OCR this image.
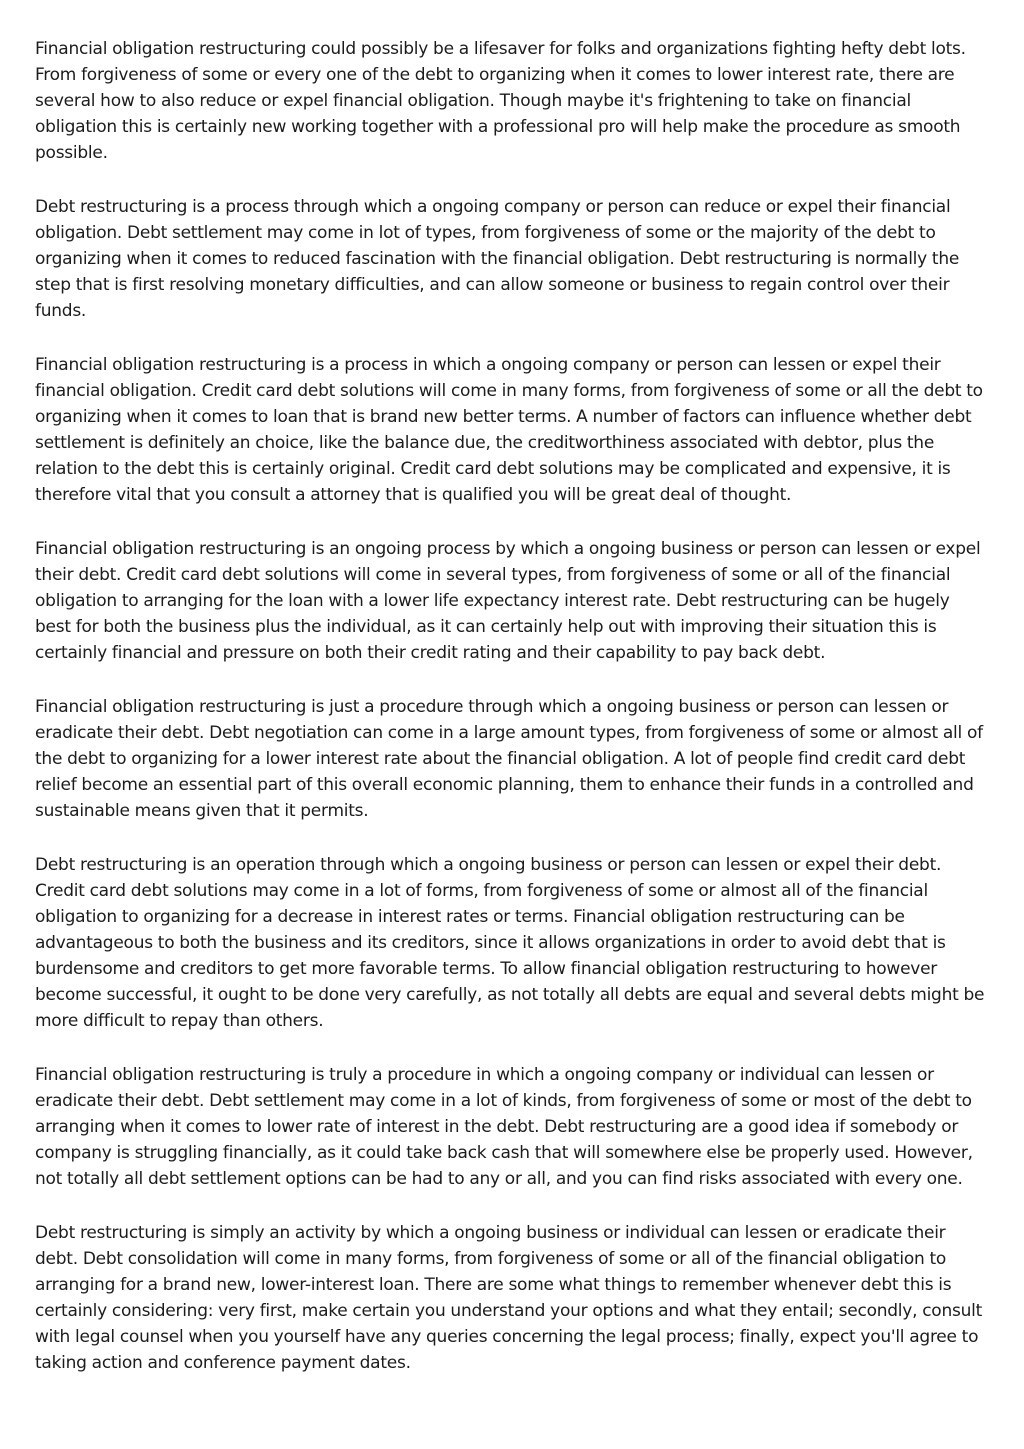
Financial obligation restructuring could possibly be a lifesaver for folks and organizations fighting hefty debt lots. From forgiveness of some or every one of the debt to organizing when it comes to lower interest rate, there are several how to also reduce or expel financial obligation. Though maybe it's frightening to take on financial obligation this is certainly new working together with a professional pro will help make the procedure as smooth possible.

Debt restructuring is a process through which a ongoing company or person can reduce or expel their financial obligation. Debt settlement may come in lot of types, from forgiveness of some or the majority of the debt to organizing when it comes to reduced fascination with the financial obligation. Debt restructuring is normally the step that is first resolving monetary difficulties, and can allow someone or business to regain control over their funds.

Financial obligation restructuring is a process in which a ongoing company or person can lessen or expel their financial obligation. Credit card debt solutions will come in many forms, from forgiveness of some or all the debt to organizing when it comes to loan that is brand new better terms. A number of factors can influence whether debt settlement is definitely an choice, like the balance due, the creditworthiness associated with debtor, plus the relation to the debt this is certainly original. Credit card debt solutions may be complicated and expensive, it is therefore vital that you consult a attorney that is qualified you will be great deal of thought.

Financial obligation restructuring is an ongoing process by which a ongoing business or person can lessen or expel their debt. Credit card debt solutions will come in several types, from forgiveness of some or all of the financial obligation to arranging for the loan with a lower life expectancy interest rate. Debt restructuring can be hugely best for both the business plus the individual, as it can certainly help out with improving their situation this is certainly financial and pressure on both their credit rating and their capability to pay back debt.

Financial obligation restructuring is just a procedure through which a ongoing business or person can lessen or eradicate their debt. Debt negotiation can come in a large amount types, from forgiveness of some or almost all of the debt to organizing for a lower interest rate about the financial obligation. A lot of people find credit card debt relief become an essential part of this overall economic planning, them to enhance their funds in a controlled and sustainable means given that it permits.

Debt restructuring is an operation through which a ongoing business or person can lessen or expel their debt. Credit card debt solutions may come in a lot of forms, from forgiveness of some or almost all of the financial obligation to organizing for a decrease in interest rates or terms. Financial obligation restructuring can be advantageous to both the business and its creditors, since it allows organizations in order to avoid debt that is burdensome and creditors to get more favorable terms. To allow financial obligation restructuring to however become successful, it ought to be done very carefully, as not totally all debts are equal and several debts might be more difficult to repay than others.

Financial obligation restructuring is truly a procedure in which a ongoing company or individual can lessen or eradicate their debt. Debt settlement may come in a lot of kinds, from forgiveness of some or most of the debt to arranging when it comes to lower rate of interest in the debt. Debt restructuring are a good idea if somebody or company is struggling financially, as it could take back cash that will somewhere else be properly used. However, not totally all debt settlement options can be had to any or all, and you can find risks associated with every one.

Debt restructuring is simply an activity by which a ongoing business or individual can lessen or eradicate their debt. Debt consolidation will come in many forms, from forgiveness of some or all of the financial obligation to arranging for a brand new, lower-interest loan. There are some what things to remember whenever debt this is certainly considering: very first, make certain you understand your options and what they entail; secondly, consult with legal counsel when you yourself have any queries concerning the legal process; finally, expect you'll agree to taking action and conference payment dates.
